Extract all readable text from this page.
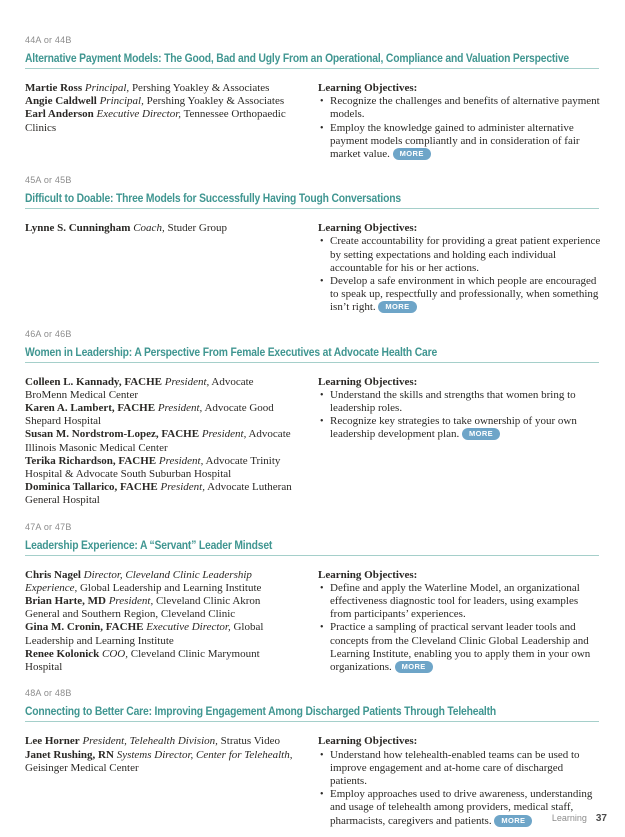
44A or 44B
Alternative Payment Models: The Good, Bad and Ugly From an Operational, Compliance and Valuation Perspective

Martie Ross Principal, Pershing Yoakley & Associates

Angie Caldwell Principal, Pershing Yoakley & Associates

Earl Anderson Executive Director, Tennessee Orthopaedic Clinics

Learning Objectives:
• Recognize the challenges and benefits of alternative payment models.
• Employ the knowledge gained to administer alternative payment models compliantly and in consideration of fair market value. MORE
45A or 45B
Difficult to Doable: Three Models for Successfully Having Tough Conversations

Lynne S. Cunningham Coach, Studer Group	Learning Objectives:
• Create accountability for providing a great patient experience by setting expectations and holding each individual accountable for his or her actions.
• Develop a safe environment in which people are encouraged to speak up, respectfully and professionally, when something isn’t right. MORE
46A or 46B
Women in Leadership: A Perspective From Female Executives at Advocate Health Care

Colleen L. Kannady, FACHE President, Advocate BroMenn Medical Center

Karen A. Lambert, FACHE President, Advocate Good Shepard Hospital

Susan M. Nordstrom-Lopez, FACHE President, Advocate Illinois Masonic Medical Center

Terika Richardson, FACHE President, Advocate Trinity Hospital & Advocate South Suburban Hospital

Dominica Tallarico, FACHE President, Advocate Lutheran General Hospital

Learning Objectives:
• Understand the skills and strengths that women bring to leadership roles.
• Recognize key strategies to take ownership of your own leadership development plan. MORE
47A or 47B
Leadership Experience: A “Servant” Leader Mindset

Chris Nagel Director, Cleveland Clinic Leadership Experience, Global Leadership and Learning Institute

Brian Harte, MD President, Cleveland Clinic Akron General and Southern Region, Cleveland Clinic

Gina M. Cronin, FACHE Executive Director, Global Leadership and Learning Institute

Renee Kolonick COO, Cleveland Clinic Marymount Hospital

Learning Objectives:
• Define and apply the Waterline Model, an organizational effectiveness diagnostic tool for leaders, using examples from participants’ experiences.
• Practice a sampling of practical servant leader tools and concepts from the Cleveland Clinic Global Leadership and Learning Institute, enabling you to apply them in your own organizations. MORE
48A or 48B
Connecting to Better Care: Improving Engagement Among Discharged Patients Through Telehealth

Lee Horner President, Telehealth Division, Stratus Video

Janet Rushing, RN Systems Director, Center for Telehealth, Geisinger Medical Center

Learning Objectives:
• Understand how telehealth-enabled teams can be used to improve engagement and at-home care of discharged patients.
• Employ approaches used to drive awareness, understanding and usage of telehealth among providers, medical staff, pharmacists, caregivers and patients. MORE	Learning 37
